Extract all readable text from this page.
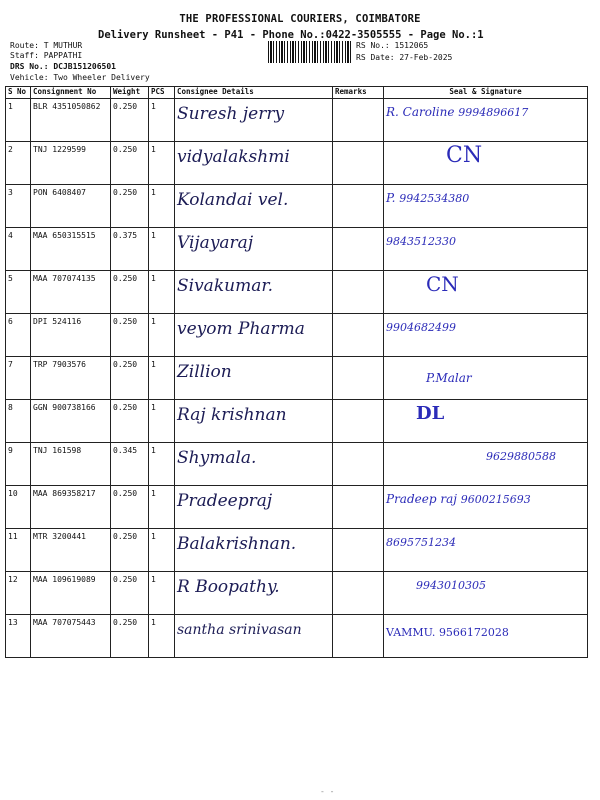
THE PROFESSIONAL COURIERS, COIMBATORE
Delivery Runsheet - P41 - Phone No.:0422-3505555 - Page No.:1
Route: T MUTHUR
Staff: PAPPATHI
DRS No.: DCJB151206501
Vehicle: Two Wheeler Delivery
RS No.: 1512065
RS Date: 27-Feb-2025
S No	Consignment No	Weight	PCS	Consignee Details	Remarks	Seal & Signature
1	BLR 4351050862	0.250	1	Suresh jerry		R. Caroline 9994896617

2	TNJ 1229599	0.250	1	vidyalakshmi		CN

3	PON 6408407	0.250	1	Kolandai vel.		P. 9942534380

4	MAA 650315515	0.375	1	Vijayaraj		9843512330

5	MAA 707074135	0.250	1	Sivakumar.		CN

6	DPI 524116	0.250	1	veyom Pharma		9904682499

7	TRP 7903576	0.250	1	Zillion		P.Malar

8	GGN 900738166	0.250	1	Raj krishnan		DL

9	TNJ 161598	0.345	1	Shymala.		9629880588

10	MAA 869358217	0.250	1	Pradeepraj		Pradeep raj 9600215693

11	MTR 3200441	0.250	1	Balakrishnan.		8695751234

12	MAA 109619089	0.250	1	R Boopathy.		9943010305

13	MAA 707075443	0.250	1	santha srinivasan		VAMMU. 9566172028
- -
